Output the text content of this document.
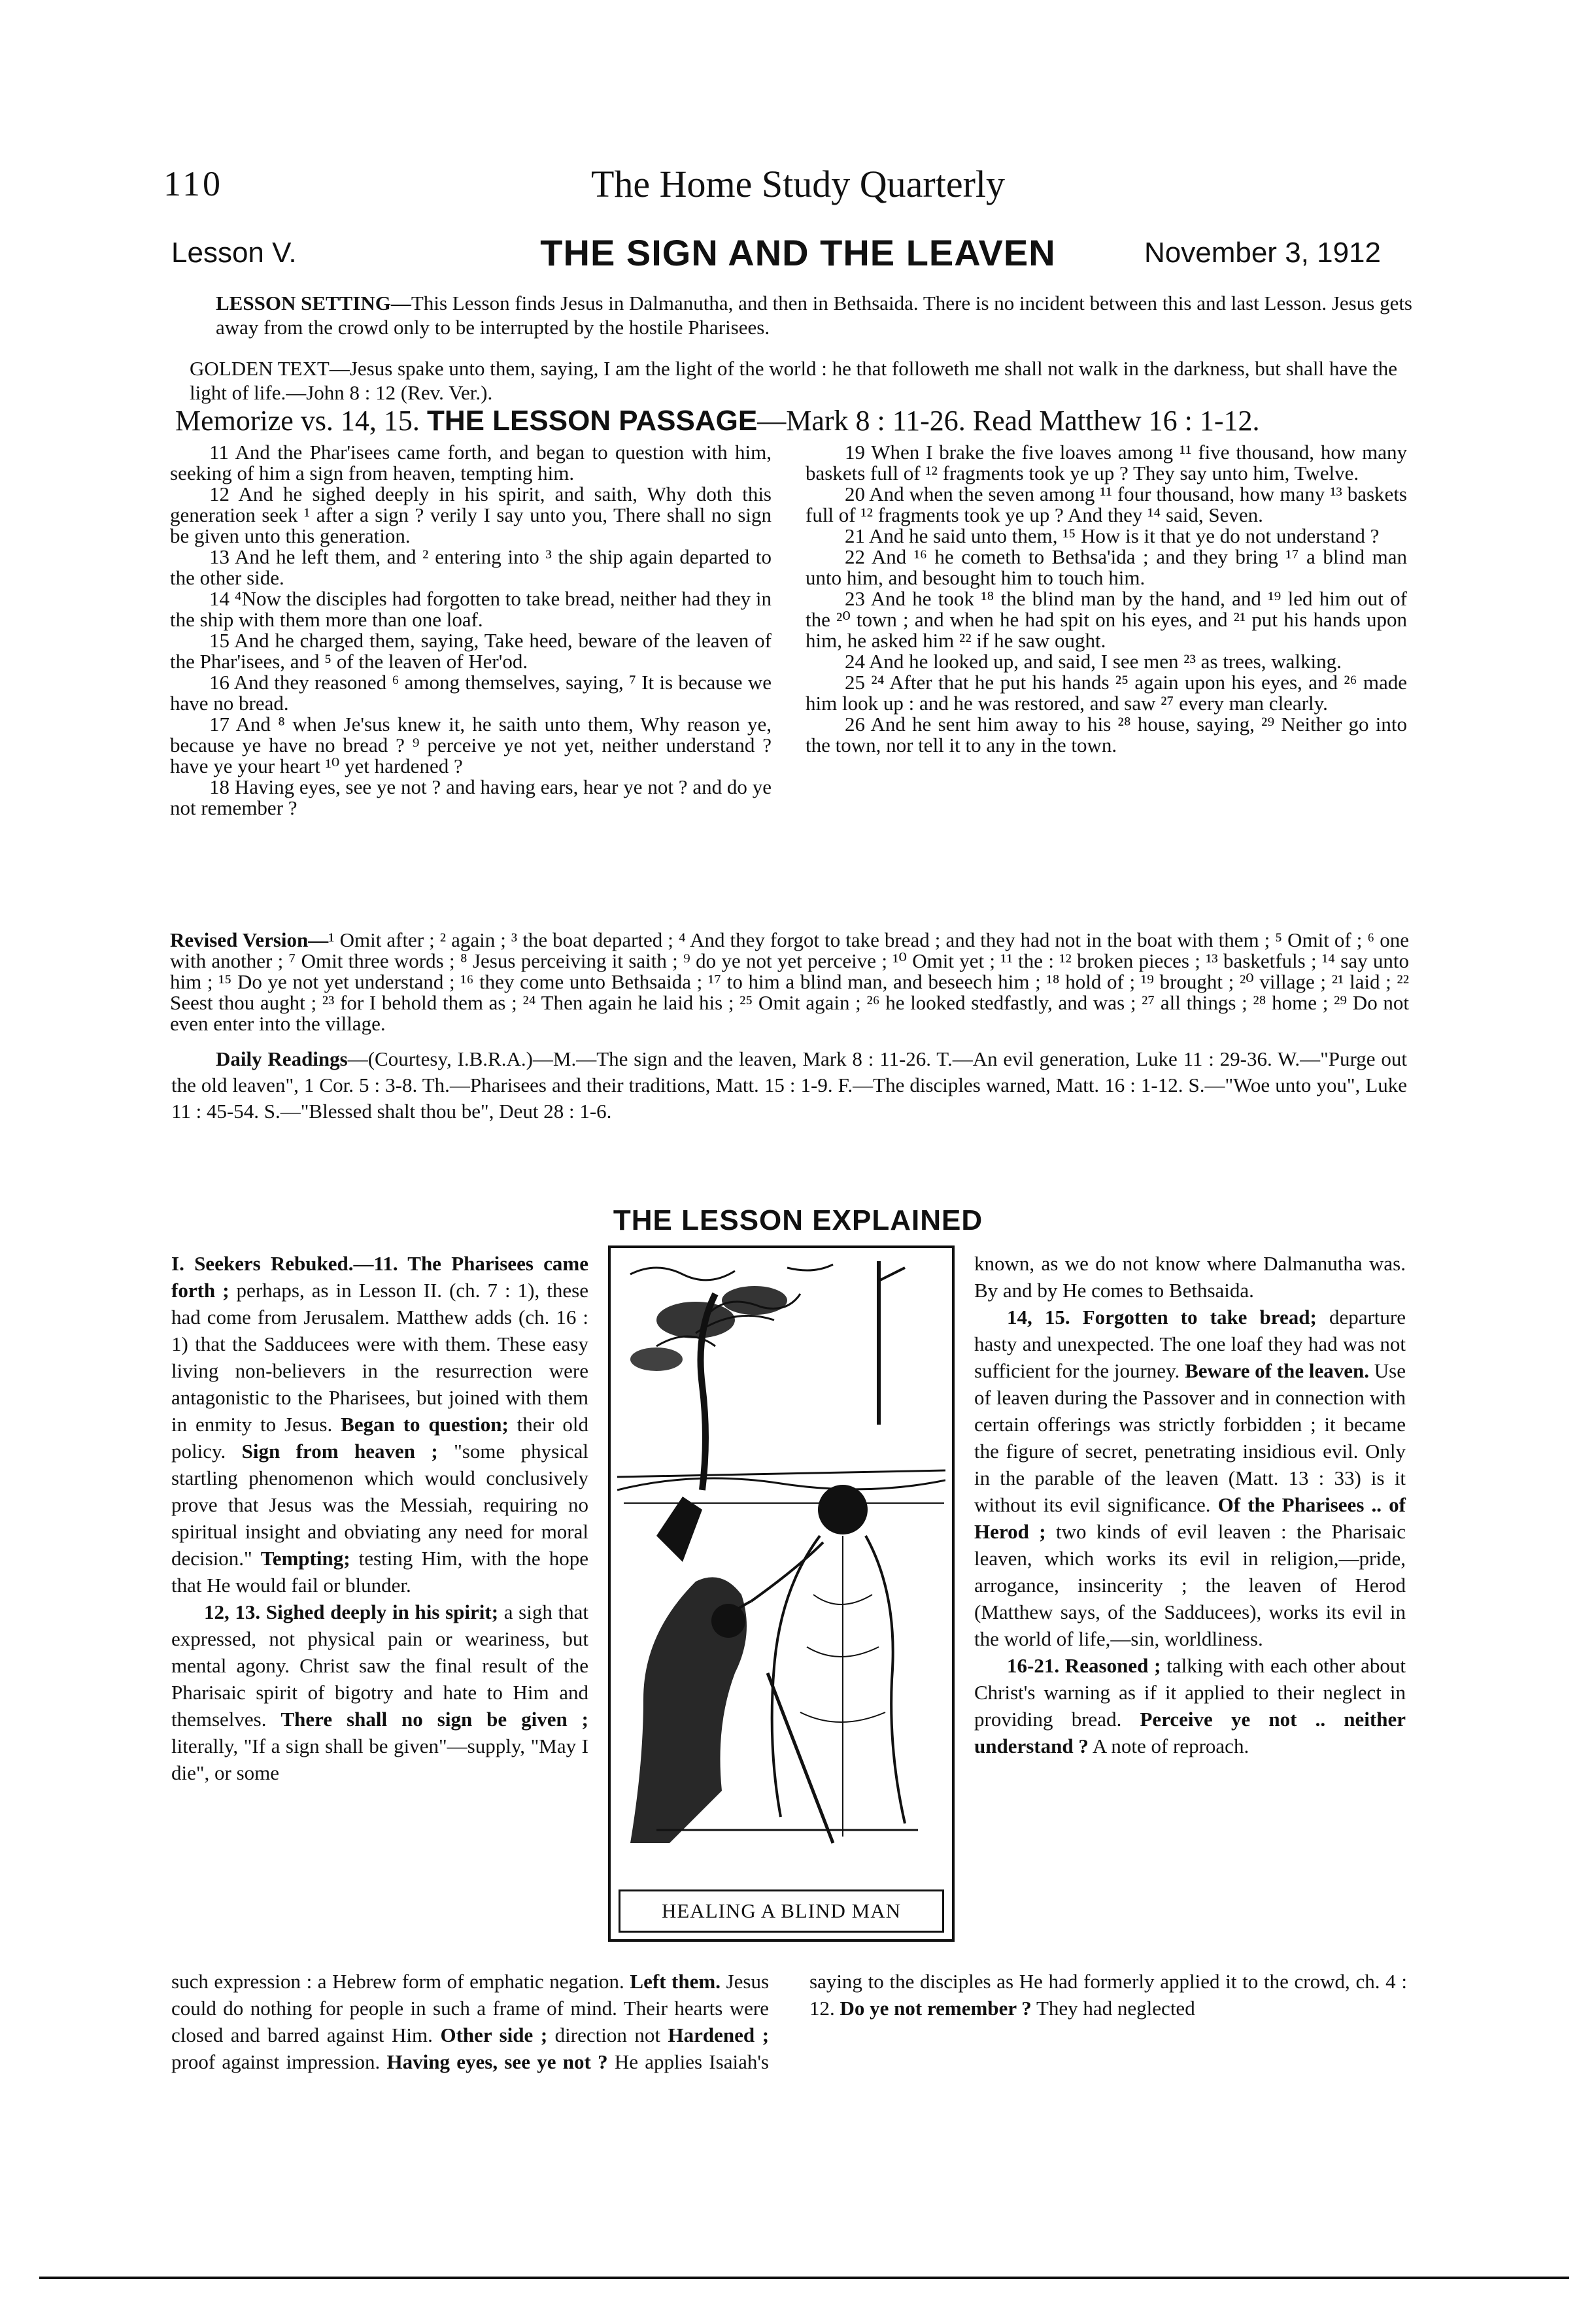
110	The Home Study Quarterly
Lesson V.	THE SIGN AND THE LEAVEN	November 3, 1912
LESSON SETTING—This Lesson finds Jesus in Dalmanutha, and then in Bethsaida. There is no incident between this and last Lesson. Jesus gets away from the crowd only to be interrupted by the hostile Pharisees.
GOLDEN TEXT—Jesus spake unto them, saying, I am the light of the world : he that followeth me shall not walk in the darkness, but shall have the light of life.—John 8 : 12 (Rev. Ver.).
Memorize vs. 14, 15. THE LESSON PASSAGE—Mark 8 : 11-26. Read Matthew 16 : 1-12.

11 And the Phar'isees came forth, and began to question with him, seeking of him a sign from heaven, tempting him.

12 And he sighed deeply in his spirit, and saith, Why doth this generation seek ¹ after a sign ? verily I say unto you, There shall no sign be given unto this generation.

13 And he left them, and ² entering into ³ the ship again departed to the other side.

14 ⁴Now the disciples had forgotten to take bread, neither had they in the ship with them more than one loaf.

15 And he charged them, saying, Take heed, beware of the leaven of the Phar'isees, and ⁵ of the leaven of Her'od.

16 And they reasoned ⁶ among themselves, saying, ⁷ It is because we have no bread.

17 And ⁸ when Je'sus knew it, he saith unto them, Why reason ye, because ye have no bread ? ⁹ perceive ye not yet, neither understand ? have ye your heart ¹⁰ yet hardened ?

18 Having eyes, see ye not ? and having ears, hear ye not ? and do ye not remember ?

19 When I brake the five loaves among ¹¹ five thousand, how many baskets full of ¹² fragments took ye up ? They say unto him, Twelve.

20 And when the seven among ¹¹ four thousand, how many ¹³ baskets full of ¹² fragments took ye up ? And they ¹⁴ said, Seven.

21 And he said unto them, ¹⁵ How is it that ye do not understand ?

22 And ¹⁶ he cometh to Bethsa'ida ; and they bring ¹⁷ a blind man unto him, and besought him to touch him.

23 And he took ¹⁸ the blind man by the hand, and ¹⁹ led him out of the ²⁰ town ; and when he had spit on his eyes, and ²¹ put his hands upon him, he asked him ²² if he saw ought.

24 And he looked up, and said, I see men ²³ as trees, walking.

25 ²⁴ After that he put his hands ²⁵ again upon his eyes, and ²⁶ made him look up : and he was restored, and saw ²⁷ every man clearly.

26 And he sent him away to his ²⁸ house, saying, ²⁹ Neither go into the town, nor tell it to any in the town.

Revised Version—¹ Omit after ; ² again ; ³ the boat departed ; ⁴ And they forgot to take bread ; and they had not in the boat with them ; ⁵ Omit of ; ⁶ one with another ; ⁷ Omit three words ; ⁸ Jesus perceiving it saith ; ⁹ do ye not yet perceive ; ¹⁰ Omit yet ; ¹¹ the : ¹² broken pieces ; ¹³ basketfuls ; ¹⁴ say unto him ; ¹⁵ Do ye not yet understand ; ¹⁶ they come unto Bethsaida ; ¹⁷ to him a blind man, and beseech him ; ¹⁸ hold of ; ¹⁹ brought ; ²⁰ village ; ²¹ laid ; ²² Seest thou aught ; ²³ for I behold them as ; ²⁴ Then again he laid his ; ²⁵ Omit again ; ²⁶ he looked stedfastly, and was ; ²⁷ all things ; ²⁸ home ; ²⁹ Do not even enter into the village.
Daily Readings—(Courtesy, I.B.R.A.)—M.—The sign and the leaven, Mark 8 : 11-26. T.—An evil generation, Luke 11 : 29-36. W.—"Purge out the old leaven", 1 Cor. 5 : 3-8. Th.—Pharisees and their traditions, Matt. 15 : 1-9. F.—The disciples warned, Matt. 16 : 1-12. S.—"Woe unto you", Luke 11 : 45-54. S.—"Blessed shalt thou be", Deut 28 : 1-6.
THE LESSON EXPLAINED
I. Seekers Rebuked.—11. The Pharisees came forth ; perhaps, as in Lesson II. (ch. 7 : 1), these had come from Jerusalem. Matthew adds (ch. 16 : 1) that the Sadducees were with them. These easy living non-believers in the resurrection were antagonistic to the Pharisees, but joined with them in enmity to Jesus. Began to question; their old policy. Sign from heaven ; "some physical startling phenomenon which would conclusively prove that Jesus was the Messiah, requiring no spiritual insight and obviating any need for moral decision." Tempting; testing Him, with the hope that He would fail or blunder.
12, 13. Sighed deeply in his spirit; a sigh that expressed, not physical pain or weariness, but mental agony. Christ saw the final result of the Pharisaic spirit of bigotry and hate to Him and themselves. There shall no sign be given ; literally, "If a sign shall be given"—supply, "May I die", or some
HEALING A BLIND MAN
known, as we do not know where Dalmanutha was. By and by He comes to Bethsaida.
14, 15. Forgotten to take bread; departure hasty and unexpected. The one loaf they had was not sufficient for the journey. Beware of the leaven. Use of leaven during the Passover and in connection with certain offerings was strictly forbidden ; it became the figure of secret, penetrating insidious evil. Only in the parable of the leaven (Matt. 13 : 33) is it without its evil significance. Of the Pharisees .. of Herod ; two kinds of evil leaven : the Pharisaic leaven, which works its evil in religion,—pride, arrogance, insincerity ; the leaven of Herod (Matthew says, of the Sadducees), works its evil in the world of life,—sin, worldliness.
16-21. Reasoned ; talking with each other about Christ's warning as if it applied to their neglect in providing bread. Perceive ye not .. neither understand ? A note of reproach.
such expression : a Hebrew form of emphatic negation. Left them. Jesus could do nothing for people in such a frame of mind. Their hearts were closed and barred against Him. Other side ; direction not Hardened ; proof against impression. Having eyes, see ye not ? He applies Isaiah's saying to the disciples as He had formerly applied it to the crowd, ch. 4 : 12. Do ye not remember ? They had neglected
